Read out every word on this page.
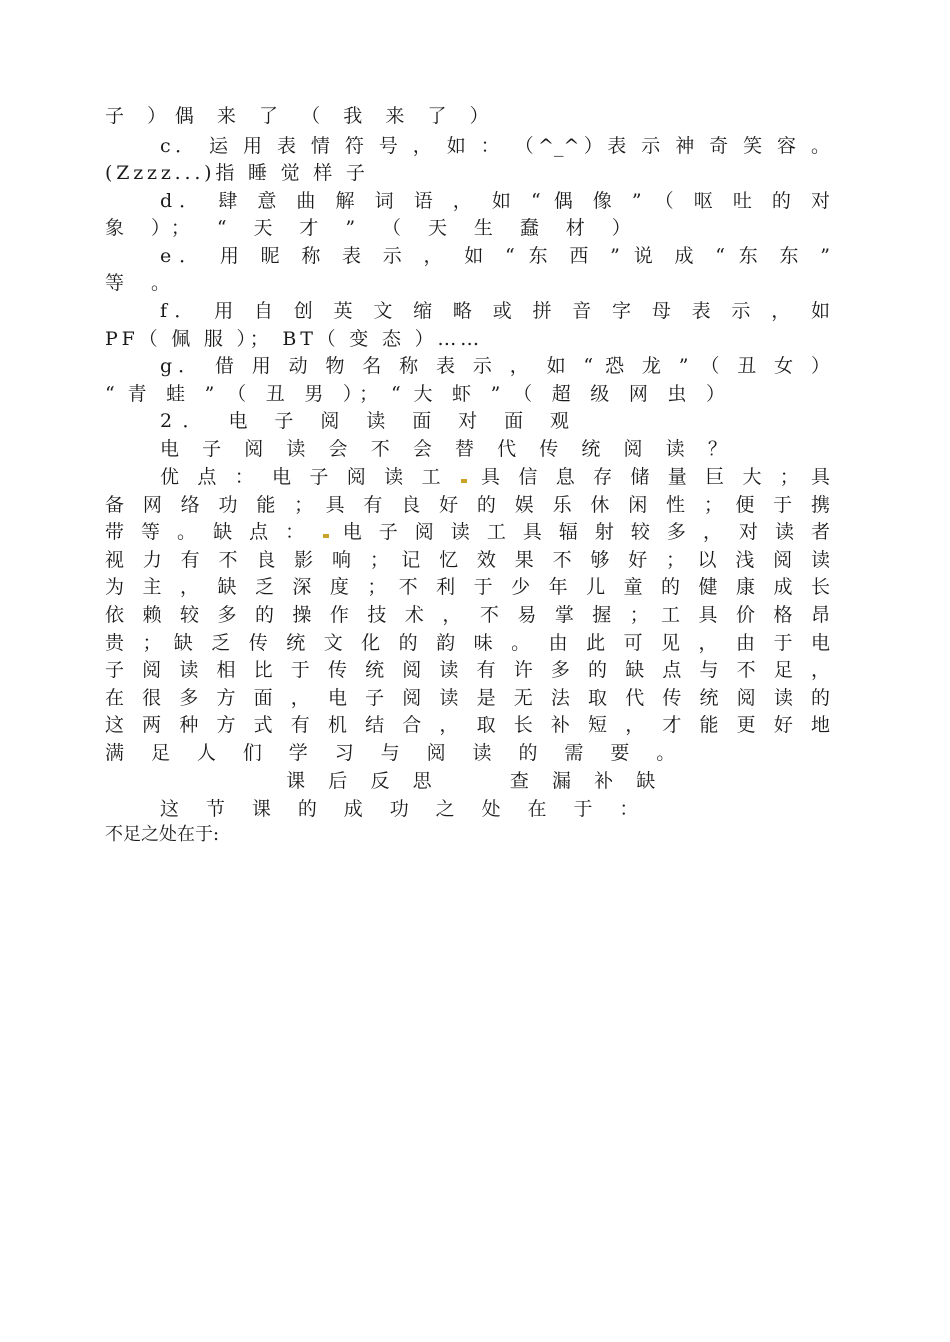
子 ）偶 来 了 （ 我 来 了 ）
c． 运 用 表 情 符 号 ， 如 ： （^_^）表 示 神 奇 笑 容 。
(Zzzz...)指 睡 觉 样 子
d． 肆 意 曲 解 词 语 ， 如 “ 偶 像 ” （ 呕 吐 的 对
象 ）； “ 天 才 ” （ 天 生 蠢 材 ）
e． 用 昵 称 表 示 ， 如 “ 东 西 ” 说 成 “ 东 东 ”
等 。
f． 用 自 创 英 文 缩 略 或 拼 音 字 母 表 示 ， 如
PF（ 佩 服 ）； BT（ 变 态 ）……
g． 借 用 动 物 名 称 表 示 ， 如 “ 恐 龙 ” （ 丑 女 ）
“ 青 蛙 ” （ 丑 男 ）； “ 大 虾 ” （ 超 级 网 虫 ）
2． 电 子 阅 读 面 对 面 观
电 子 阅 读 会 不 会 替 代 传 统 阅 读 ？
优 点 ： 电 子 阅 读 工 具 信 息 存 储 量 巨 大 ； 具
备 网 络 功 能 ； 具 有 良 好 的 娱 乐 休 闲 性 ； 便 于 携
带 等 。 缺 点 ： 电 子 阅 读 工 具 辐 射 较 多 ， 对 读 者
视 力 有 不 良 影 响 ； 记 忆 效 果 不 够 好 ； 以 浅 阅 读
为 主 ， 缺 乏 深 度 ； 不 利 于 少 年 儿 童 的 健 康 成 长
依 赖 较 多 的 操 作 技 术 ， 不 易 掌 握 ； 工 具 价 格 昂
贵 ； 缺 乏 传 统 文 化 的 韵 味 。 由 此 可 见 ， 由 于 电
子 阅 读 相 比 于 传 统 阅 读 有 许 多 的 缺 点 与 不 足 ，
在 很 多 方 面 ， 电 子 阅 读 是 无 法 取 代 传 统 阅 读 的
这 两 种 方 式 有 机 结 合 ， 取 长 补 短 ， 才 能 更 好 地
满 足 人 们 学 习 与 阅 读 的 需 要 。
课 后 反 思　　 查 漏 补 缺
这 节 课 的 成 功 之 处 在 于 ：
不足之处在于:
